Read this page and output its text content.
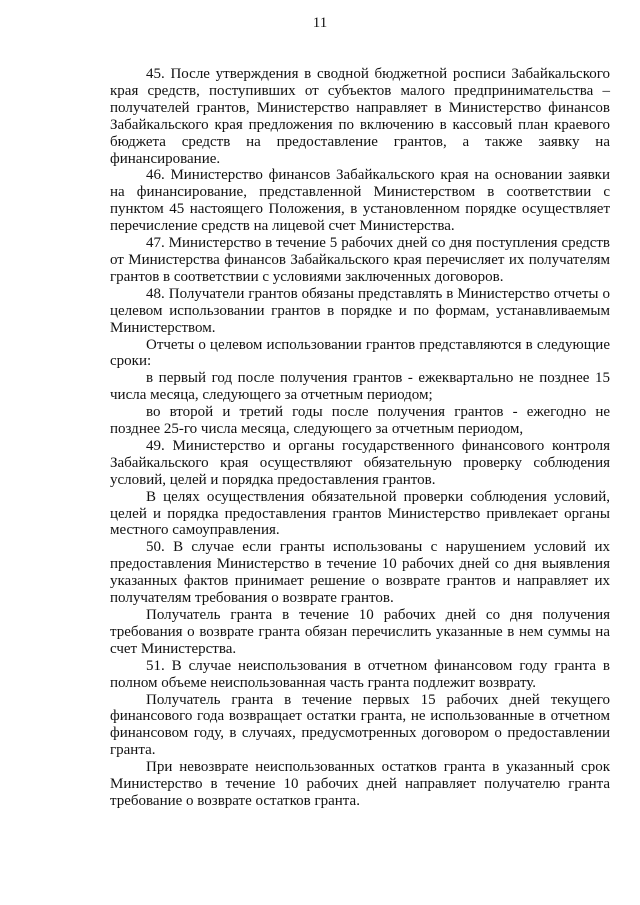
11

45. После утверждения в сводной бюджетной росписи Забайкальского края средств, поступивших от субъектов малого предпринимательства – получателей грантов, Министерство направляет в Министерство финансов Забайкальского края предложения по включению в кассовый план краевого бюджета средств на предоставление грантов, а также заявку на финансирование.

46. Министерство финансов Забайкальского края на основании заявки на финансирование, представленной Министерством в соответствии с пунктом 45 настоящего Положения, в установленном порядке осуществляет перечисление средств на лицевой счет Министерства.

47. Министерство в течение 5 рабочих дней со дня поступления средств от Министерства финансов Забайкальского края перечисляет их получателям грантов в соответствии с условиями заключенных договоров.

48. Получатели грантов обязаны представлять в Министерство отчеты о целевом использовании грантов в порядке и по формам, устанавливаемым Министерством.

Отчеты о целевом использовании грантов представляются в следующие сроки:

в первый год после получения грантов - ежеквартально не позднее 15 числа месяца, следующего за отчетным периодом;

во второй и третий годы после получения грантов - ежегодно не позднее 25-го числа месяца, следующего за отчетным периодом,

49. Министерство и органы государственного финансового контроля Забайкальского края осуществляют обязательную проверку соблюдения условий, целей и порядка предоставления грантов.

В целях осуществления обязательной проверки соблюдения условий, целей и порядка предоставления грантов Министерство привлекает органы местного самоуправления.

50. В случае если гранты использованы с нарушением условий их предоставления Министерство в течение 10 рабочих дней со дня выявления указанных фактов принимает решение о возврате грантов и направляет их получателям требования о возврате грантов.

Получатель гранта в течение 10 рабочих дней со дня получения требования о возврате гранта обязан перечислить указанные в нем суммы на счет Министерства.

51. В случае неиспользования в отчетном финансовом году гранта в полном объеме неиспользованная часть гранта подлежит возврату.

Получатель гранта в течение первых 15 рабочих дней текущего финансового года возвращает остатки гранта, не использованные в отчетном финансовом году, в случаях, предусмотренных договором о предоставлении гранта.

При невозврате неиспользованных остатков гранта в указанный срок Министерство в течение 10 рабочих дней направляет получателю гранта требование о возврате остатков гранта.
